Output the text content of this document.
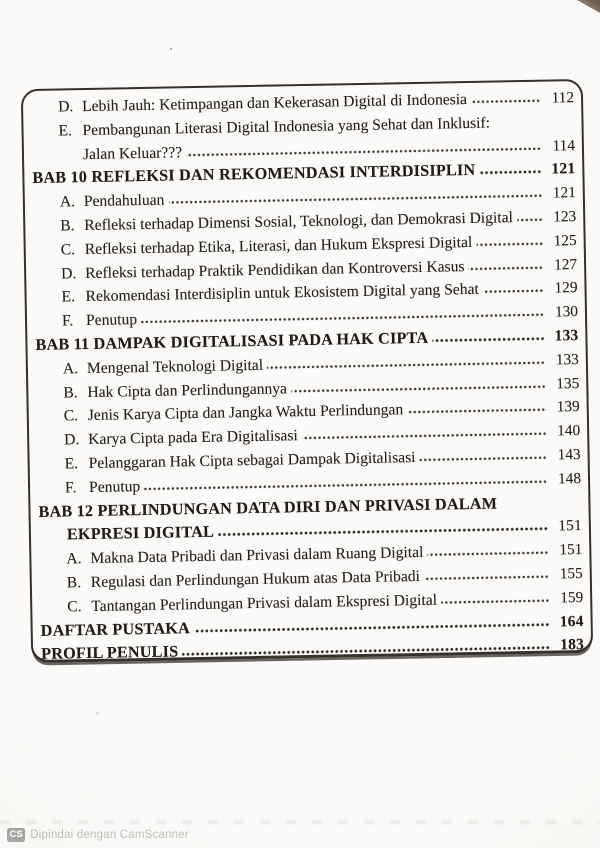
D. Lebih Jauh: Ketimpangan dan Kekerasan Digital di Indonesia	112
E. Pembangunan Literasi Digital Indonesia yang Sehat dan Inklusif:
Jalan Keluar???	114
BAB 10 REFLEKSI DAN REKOMENDASI INTERDISIPLIN	121
A. Pendahuluan	121
B. Refleksi terhadap Dimensi Sosial, Teknologi, dan Demokrasi Digital	123
C. Refleksi terhadap Etika, Literasi, dan Hukum Ekspresi Digital	125
D. Refleksi terhadap Praktik Pendidikan dan Kontroversi Kasus	127
E. Rekomendasi Interdisiplin untuk Ekosistem Digital yang Sehat	129
F. Penutup	130
BAB 11 DAMPAK DIGITALISASI PADA HAK CIPTA	133
A. Mengenal Teknologi Digital	133
B. Hak Cipta dan Perlindungannya	135
C. Jenis Karya Cipta dan Jangka Waktu Perlindungan	139
D. Karya Cipta pada Era Digitalisasi	140
E. Pelanggaran Hak Cipta sebagai Dampak Digitalisasi	143
F. Penutup	148
BAB 12 PERLINDUNGAN DATA DIRI DAN PRIVASI DALAM
EKPRESI DIGITAL	151
A. Makna Data Pribadi dan Privasi dalam Ruang Digital	151
B. Regulasi dan Perlindungan Hukum atas Data Pribadi	155
C. Tantangan Perlindungan Privasi dalam Ekspresi Digital	159
DAFTAR PUSTAKA	164
PROFIL PENULIS	183
CS Dipindai dengan CamScanner
